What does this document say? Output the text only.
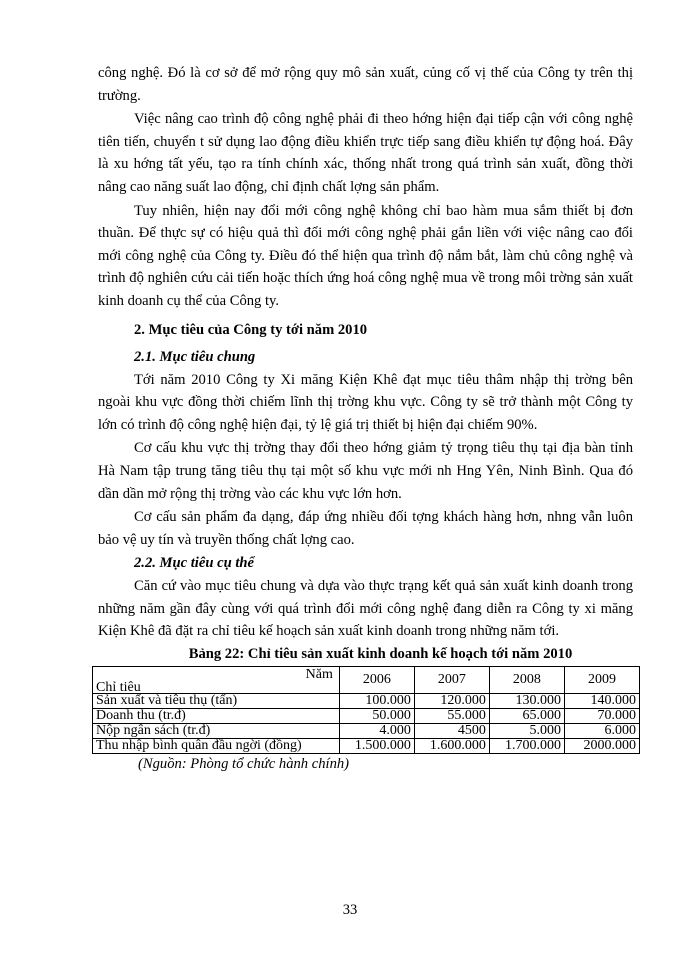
công nghệ. Đó là cơ sở để mở rộng quy mô sản xuất, củng cố vị thế của Công ty trên thị trường.

Việc nâng cao trình độ công nghệ phải đi theo hớng hiện đại tiếp cận với công nghệ tiên tiến, chuyển t sử dụng lao động điều khiển trực tiếp sang điều khiển tự động hoá. Đây là xu hớng tất yếu, tạo ra tính chính xác, thống nhất trong quá trình sản xuất, đồng thời nâng cao năng suất lao động, chỉ định chất lợng sản phẩm.

Tuy nhiên, hiện nay đổi mới công nghệ không chỉ bao hàm mua sắm thiết bị đơn thuần. Để thực sự có hiệu quả thì đổi mới công nghệ phải gắn liền với việc nâng cao đổi mới công nghệ của Công ty. Điều đó thể hiện qua trình độ nắm bắt, làm chủ công nghệ và trình độ nghiên cứu cải tiến hoặc thích ứng hoá công nghệ mua về trong môi trờng sản xuất kinh doanh cụ thể của Công ty.

2. Mục tiêu của Công ty tới năm 2010
2.1. Mục tiêu chung

Tới năm 2010 Công ty Xi măng Kiện Khê đạt mục tiêu thâm nhập thị trờng bên ngoài khu vực đồng thời chiếm lĩnh thị trờng khu vực. Công ty sẽ trở thành một Công ty lớn có trình độ công nghệ hiện đại, tỷ lệ giá trị thiết bị hiện đại chiếm 90%.

Cơ cấu khu vực thị trờng thay đổi theo hớng giảm tỷ trọng tiêu thụ tại địa bàn tỉnh Hà Nam tập trung tăng tiêu thụ tại một số khu vực mới nh Hng Yên, Ninh Bình. Qua đó dần dần mở rộng thị trờng vào các khu vực lớn hơn.

Cơ cấu sản phẩm đa dạng, đáp ứng nhiều đối tợng khách hàng hơn, nhng vẫn luôn bảo vệ uy tín và truyền thống chất lợng cao.

2.2. Mục tiêu cụ thể

Căn cứ vào mục tiêu chung và dựa vào thực trạng kết quả sản xuất kinh doanh trong những năm gần đây cùng với quá trình đổi mới công nghệ đang diễn ra Công ty xi măng Kiện Khê đã đặt ra chỉ tiêu kế hoạch sản xuất kinh doanh trong những năm tới.

Bảng 22: Chỉ tiêu sản xuất kinh doanh kế hoạch tới năm 2010
Năm
Chỉ tiêu	2006	2007	2008	2009
Sản xuất và tiêu thụ (tấn)	100.000	120.000	130.000	140.000
Doanh thu (tr.đ)	50.000	55.000	65.000	70.000
Nộp ngân sách (tr.đ)	4.000	4500	5.000	6.000
Thu nhập bình quân đầu ngời (đồng)	1.500.000	1.600.000	1.700.000	2000.000
(Nguồn: Phòng tổ chức hành chính)
33
